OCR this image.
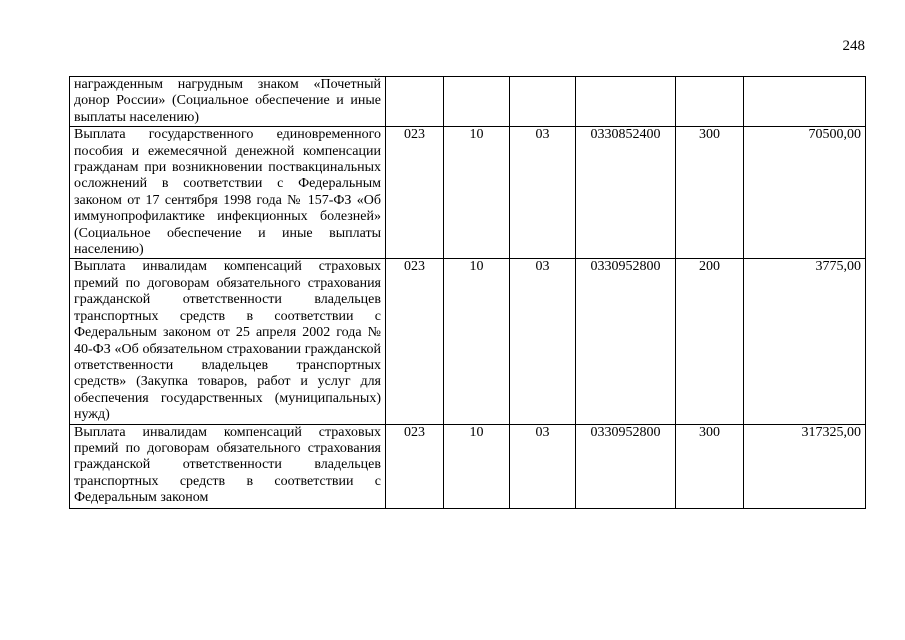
248
награжденным нагрудным знаком «Почетный донор России» (Социальное обеспечение и иные выплаты населению)						
Выплата государственного единовременного пособия и ежемесячной денежной компенсации гражданам при возникновении поствакцинальных осложнений в соответствии с Федеральным законом от 17 сентября 1998 года № 157-ФЗ «Об иммунопрофилактике инфекционных болезней» (Социальное обеспечение и иные выплаты населению)	023	10	03	0330852400	300	70500,00
Выплата инвалидам компенсаций страховых премий по договорам обязательного страхования гражданской ответственности владельцев транспортных средств в соответствии с Федеральным законом от 25 апреля 2002 года № 40-ФЗ «Об обязательном страховании гражданской ответственности владельцев транспортных средств» (Закупка товаров, работ и услуг для обеспечения государственных (муниципальных) нужд)	023	10	03	0330952800	200	3775,00
Выплата инвалидам компенсаций страховых премий по договорам обязательного страхования гражданской ответственности владельцев транспортных средств в соответствии с Федеральным законом	023	10	03	0330952800	300	317325,00
